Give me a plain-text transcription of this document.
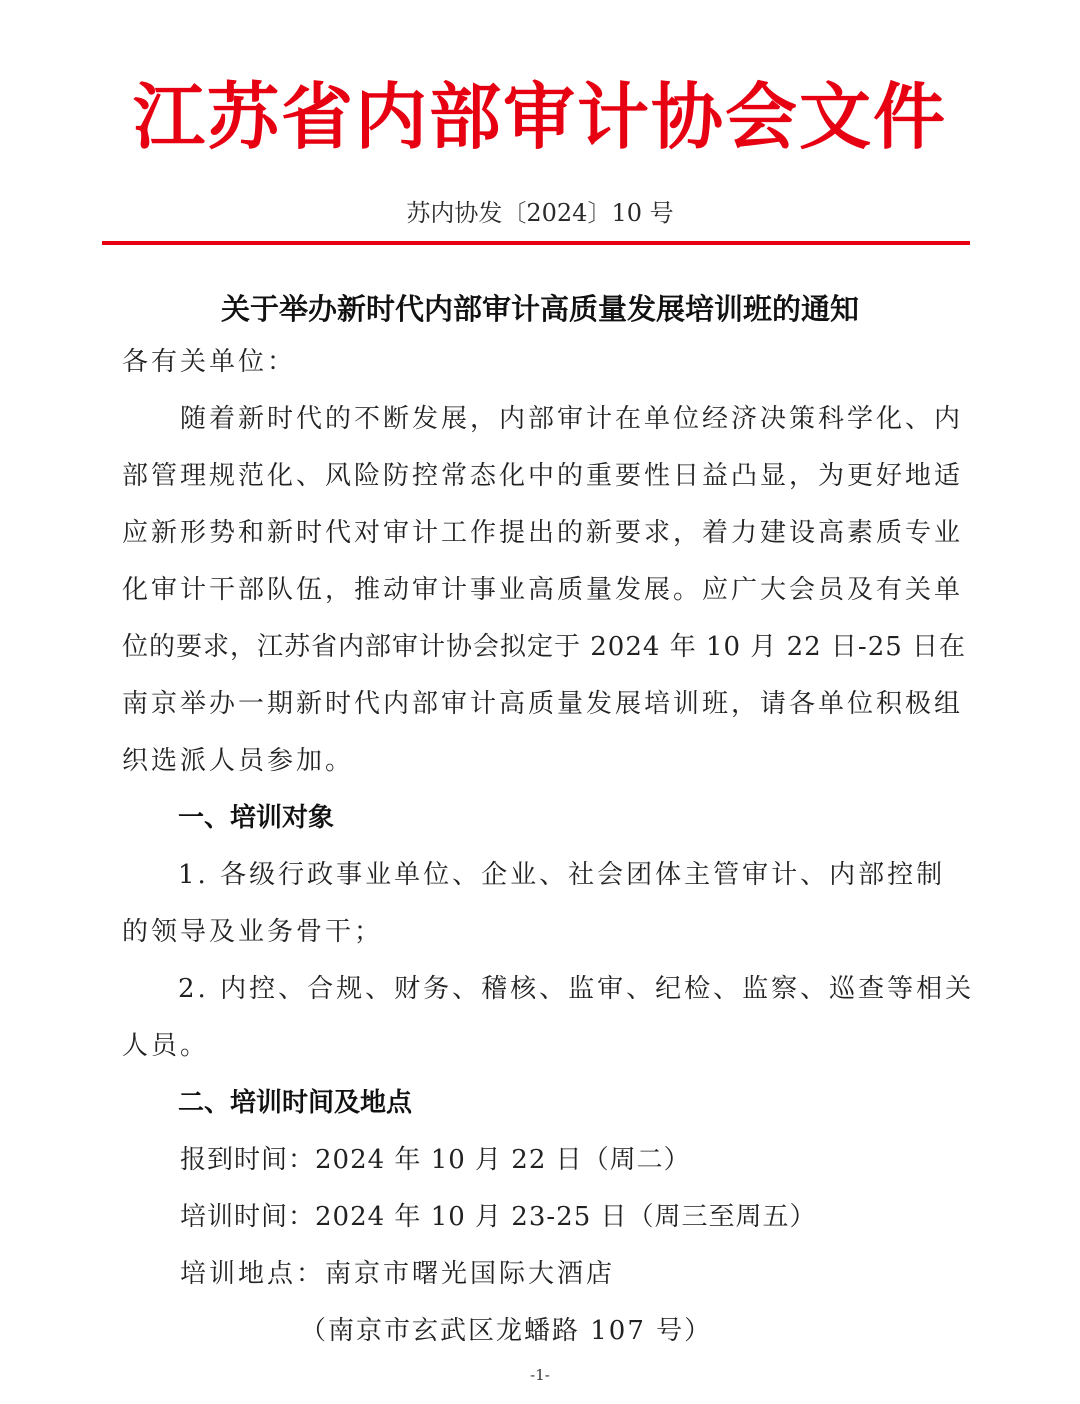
江苏省内部审计协会文件
苏内协发〔2024〕10 号
关于举办新时代内部审计高质量发展培训班的通知
各有关单位：
随着新时代的不断发展，内部审计在单位经济决策科学化、内
部管理规范化、风险防控常态化中的重要性日益凸显，为更好地适
应新形势和新时代对审计工作提出的新要求，着力建设高素质专业
化审计干部队伍，推动审计事业高质量发展。应广大会员及有关单
位的要求，江苏省内部审计协会拟定于 2024 年 10 月 22 日-25 日在
南京举办一期新时代内部审计高质量发展培训班，请各单位积极组
织选派人员参加。
一、培训对象
1. 各级行政事业单位、企业、社会团体主管审计、内部控制
的领导及业务骨干；
2. 内控、合规、财务、稽核、监审、纪检、监察、巡查等相关
人员。
二、培训时间及地点
报到时间：2024 年 10 月 22 日（周二）
培训时间：2024 年 10 月 23-25 日（周三至周五）
培训地点：南京市曙光国际大酒店
（南京市玄武区龙蟠路 107 号）
-1-
